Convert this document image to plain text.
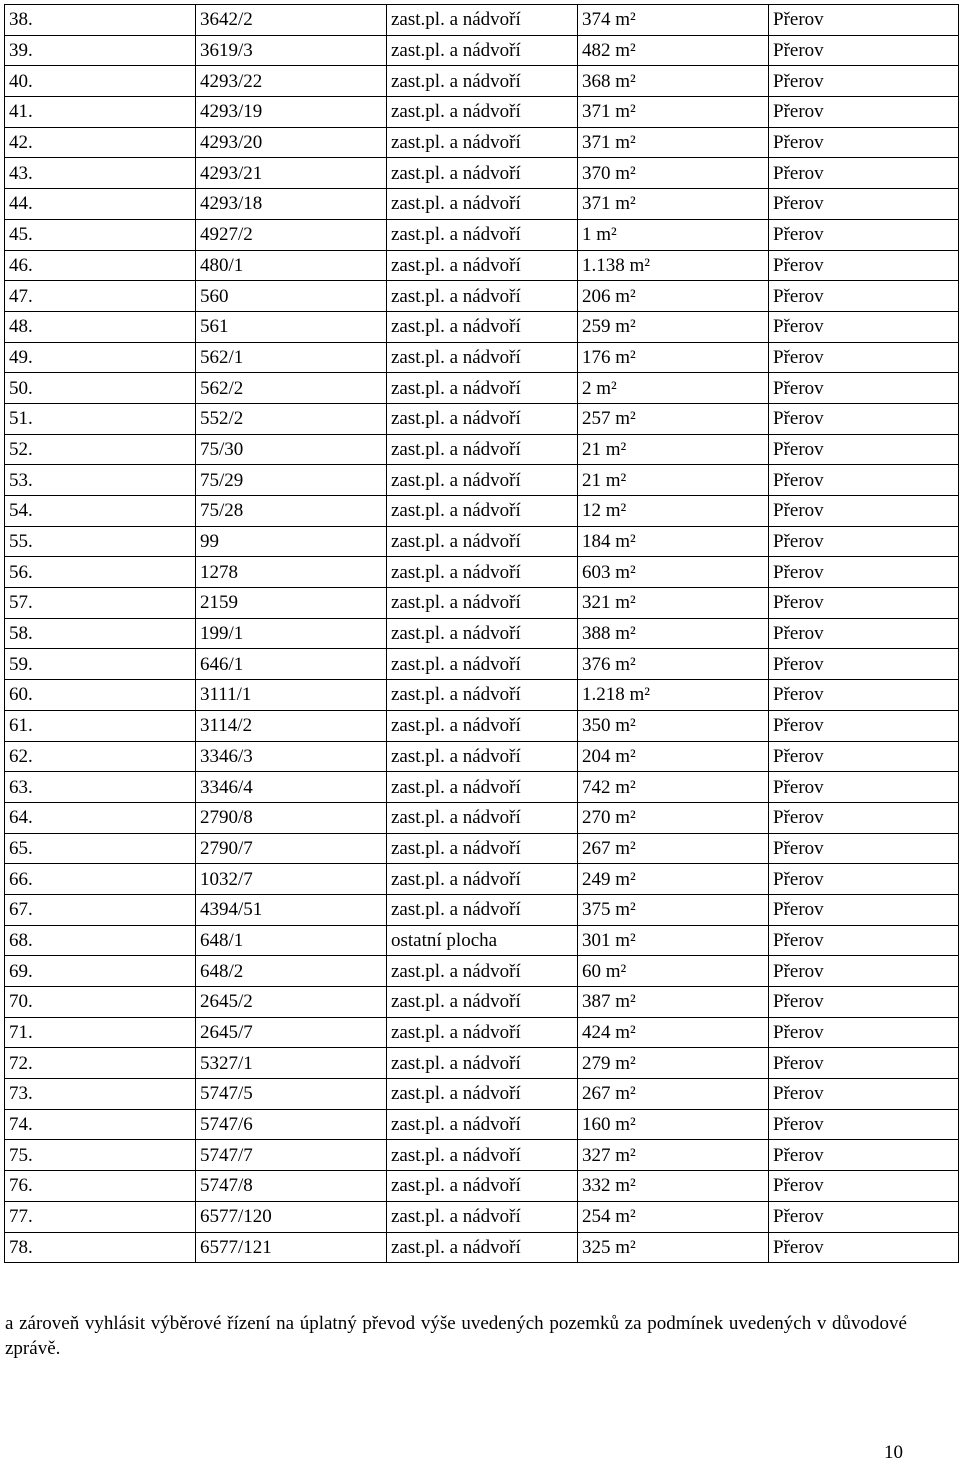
38.	3642/2	zast.pl. a nádvoří	374 m²	Přerov
39.	3619/3	zast.pl. a nádvoří	482 m²	Přerov
40.	4293/22	zast.pl. a nádvoří	368 m²	Přerov
41.	4293/19	zast.pl. a nádvoří	371 m²	Přerov
42.	4293/20	zast.pl. a nádvoří	371 m²	Přerov
43.	4293/21	zast.pl. a nádvoří	370 m²	Přerov
44.	4293/18	zast.pl. a nádvoří	371 m²	Přerov
45.	4927/2	zast.pl. a nádvoří	1 m²	Přerov
46.	480/1	zast.pl. a nádvoří	1.138 m²	Přerov
47.	560	zast.pl. a nádvoří	206 m²	Přerov
48.	561	zast.pl. a nádvoří	259 m²	Přerov
49.	562/1	zast.pl. a nádvoří	176 m²	Přerov
50.	562/2	zast.pl. a nádvoří	2 m²	Přerov
51.	552/2	zast.pl. a nádvoří	257 m²	Přerov
52.	75/30	zast.pl. a nádvoří	21 m²	Přerov
53.	75/29	zast.pl. a nádvoří	21 m²	Přerov
54.	75/28	zast.pl. a nádvoří	12 m²	Přerov
55.	99	zast.pl. a nádvoří	184 m²	Přerov
56.	1278	zast.pl. a nádvoří	603 m²	Přerov
57.	2159	zast.pl. a nádvoří	321 m²	Přerov
58.	199/1	zast.pl. a nádvoří	388 m²	Přerov
59.	646/1	zast.pl. a nádvoří	376 m²	Přerov
60.	3111/1	zast.pl. a nádvoří	1.218 m²	Přerov
61.	3114/2	zast.pl. a nádvoří	350 m²	Přerov
62.	3346/3	zast.pl. a nádvoří	204 m²	Přerov
63.	3346/4	zast.pl. a nádvoří	742 m²	Přerov
64.	2790/8	zast.pl. a nádvoří	270 m²	Přerov
65.	2790/7	zast.pl. a nádvoří	267 m²	Přerov
66.	1032/7	zast.pl. a nádvoří	249 m²	Přerov
67.	4394/51	zast.pl. a nádvoří	375 m²	Přerov
68.	648/1	ostatní plocha	301 m²	Přerov
69.	648/2	zast.pl. a nádvoří	60 m²	Přerov
70.	2645/2	zast.pl. a nádvoří	387 m²	Přerov
71.	2645/7	zast.pl. a nádvoří	424 m²	Přerov
72.	5327/1	zast.pl. a nádvoří	279 m²	Přerov
73.	5747/5	zast.pl. a nádvoří	267 m²	Přerov
74.	5747/6	zast.pl. a nádvoří	160 m²	Přerov
75.	5747/7	zast.pl. a nádvoří	327 m²	Přerov
76.	5747/8	zast.pl. a nádvoří	332 m²	Přerov
77.	6577/120	zast.pl. a nádvoří	254 m²	Přerov
78.	6577/121	zast.pl. a nádvoří	325 m²	Přerov
a zároveň vyhlásit výběrové řízení na úplatný převod výše uvedených pozemků za podmínek uvedených v důvodové zprávě.
10
